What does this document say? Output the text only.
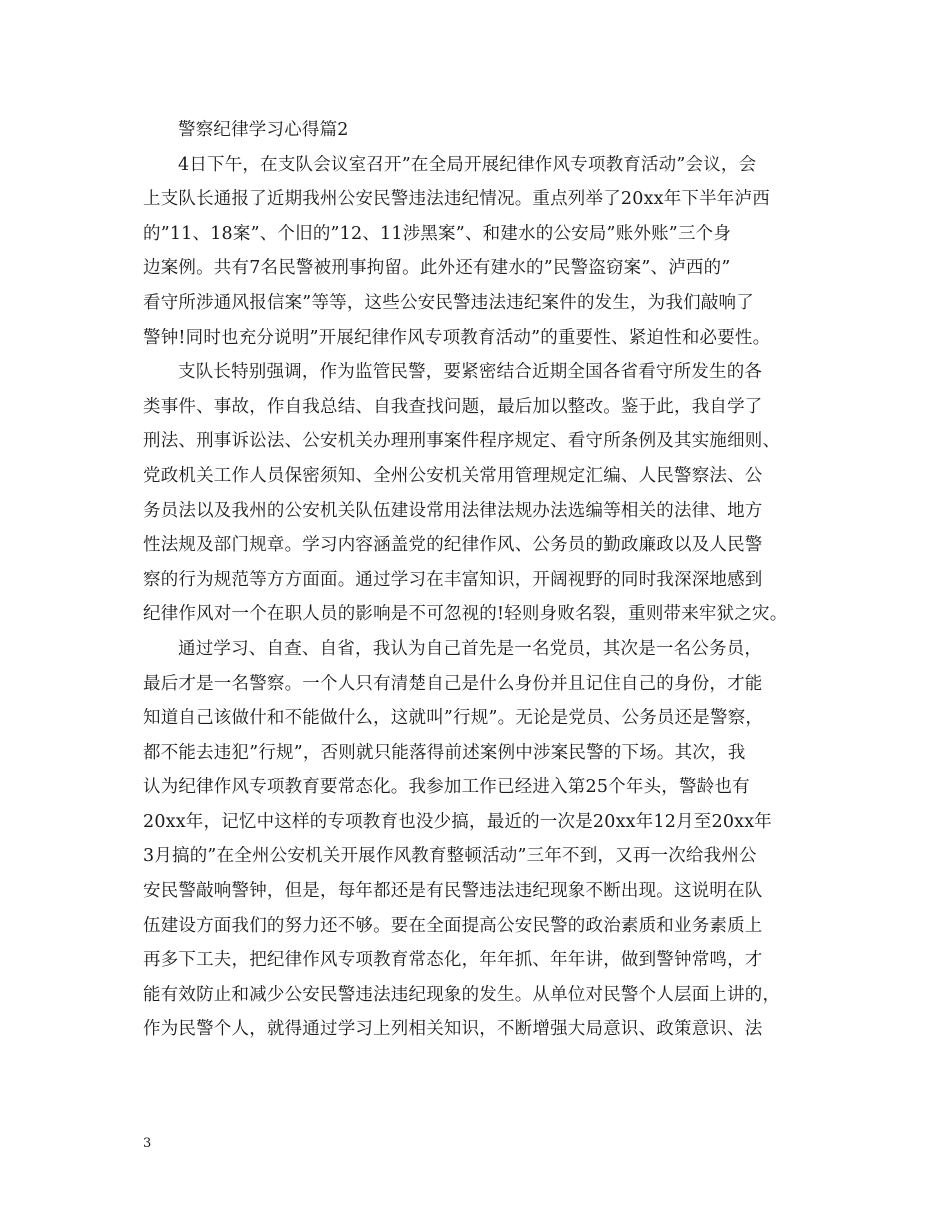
警察纪律学习心得篇2
4日下午，在支队会议室召开”在全局开展纪律作风专项教育活动”会议，会
上支队长通报了近期我州公安民警违法违纪情况。重点列举了20xx年下半年泸西
的”11、18案”、个旧的”12、11涉黑案”、和建水的公安局”账外账”三个身
边案例。共有7名民警被刑事拘留。此外还有建水的”民警盗窃案”、泸西的”
看守所涉通风报信案”等等，这些公安民警违法违纪案件的发生，为我们敲响了
警钟!同时也充分说明”开展纪律作风专项教育活动”的重要性、紧迫性和必要性。
支队长特别强调，作为监管民警，要紧密结合近期全国各省看守所发生的各
类事件、事故，作自我总结、自我查找问题，最后加以整改。鉴于此，我自学了
刑法、刑事诉讼法、公安机关办理刑事案件程序规定、看守所条例及其实施细则、
党政机关工作人员保密须知、全州公安机关常用管理规定汇编、人民警察法、公
务员法以及我州的公安机关队伍建设常用法律法规办法选编等相关的法律、地方
性法规及部门规章。学习内容涵盖党的纪律作风、公务员的勤政廉政以及人民警
察的行为规范等方方面面。通过学习在丰富知识，开阔视野的同时我深深地感到
纪律作风对一个在职人员的影响是不可忽视的!轻则身败名裂，重则带来牢狱之灾。
通过学习、自查、自省，我认为自己首先是一名党员，其次是一名公务员，
最后才是一名警察。一个人只有清楚自己是什么身份并且记住自己的身份，才能
知道自己该做什和不能做什么，这就叫”行规”。无论是党员、公务员还是警察，
都不能去违犯”行规”，否则就只能落得前述案例中涉案民警的下场。其次，我
认为纪律作风专项教育要常态化。我参加工作已经进入第25个年头，警龄也有
20xx年，记忆中这样的专项教育也没少搞，最近的一次是20xx年12月至20xx年
3月搞的”在全州公安机关开展作风教育整顿活动”三年不到，又再一次给我州公
安民警敲响警钟，但是，每年都还是有民警违法违纪现象不断出现。这说明在队
伍建设方面我们的努力还不够。要在全面提高公安民警的政治素质和业务素质上
再多下工夫，把纪律作风专项教育常态化，年年抓、年年讲，做到警钟常鸣，才
能有效防止和减少公安民警违法违纪现象的发生。从单位对民警个人层面上讲的，
作为民警个人，就得通过学习上列相关知识，不断增强大局意识、政策意识、法
3
